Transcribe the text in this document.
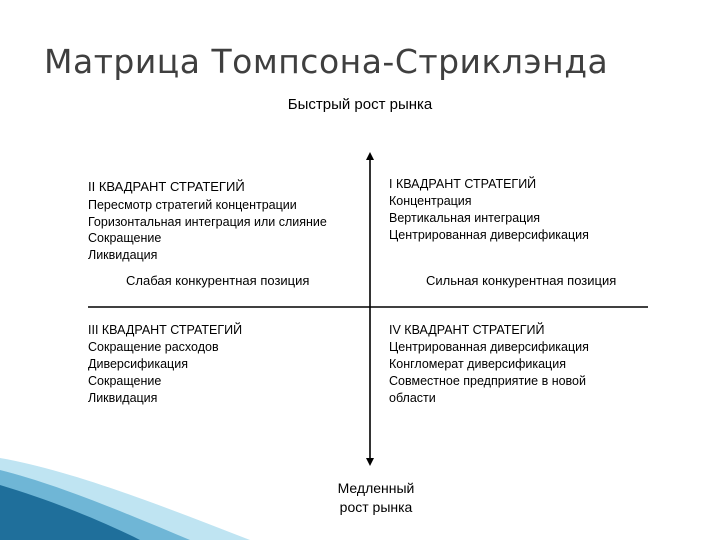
Матрица Томпсона-Стриклэнда
Быстрый рост рынка
II КВАДРАНТ СТРАТЕГИЙ
Пересмотр стратегий концентрации
Горизонтальная интеграция или слияние
Сокращение
Ликвидация
I КВАДРАНТ СТРАТЕГИЙ
Концентрация
Вертикальная интеграция
Центрированная диверсификация
Слабая конкурентная позиция	Сильная конкурентная позиция
III КВАДРАНТ СТРАТЕГИЙ
Сокращение расходов
Диверсификация
Сокращение
Ликвидация
IV КВАДРАНТ СТРАТЕГИЙ
Центрированная диверсификация
Конгломерат диверсификация
Совместное предприятие в новой
области
Медленный
рост рынка
